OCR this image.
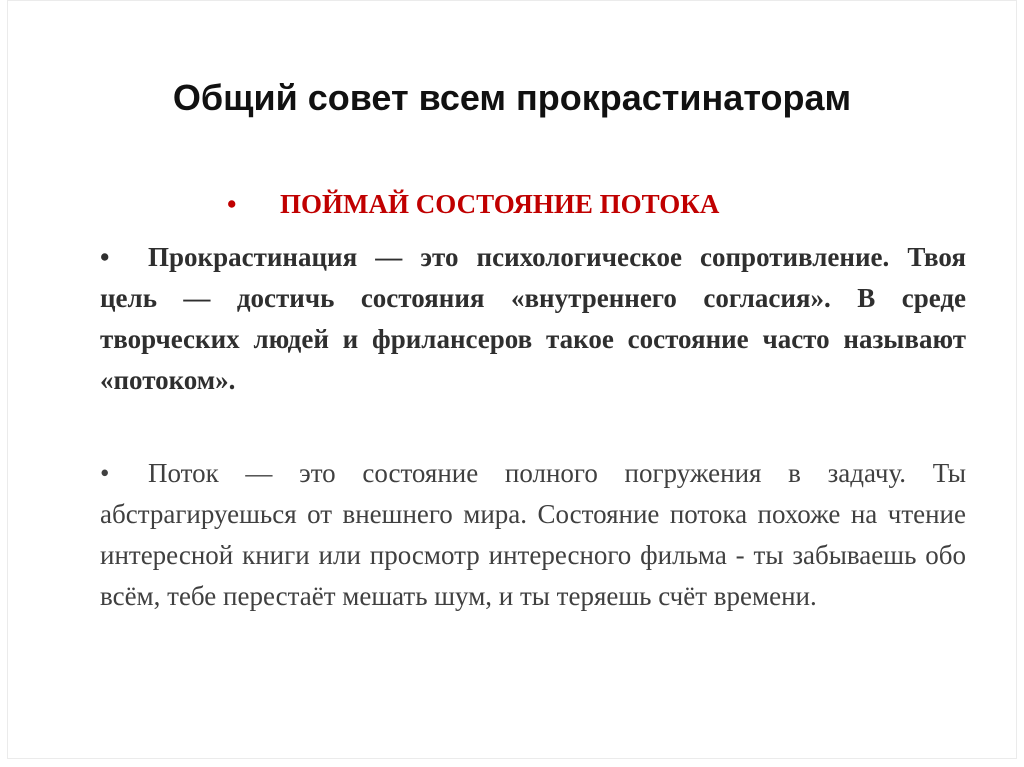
Общий совет всем прокрастинаторам
• ПОЙМАЙ СОСТОЯНИЕ ПОТОКА

• Прокрастинация — это психологическое сопротивление. Твоя цель — достичь состояния «внутреннего согласия». В среде творческих людей и фрилансеров такое состояние часто называют «потоком».

• Поток — это состояние полного погружения в задачу. Ты абстрагируешься от внешнего мира. Состояние потока похоже на чтение интересной книги или просмотр интересного фильма - ты забываешь обо всём, тебе перестаёт мешать шум, и ты теряешь счёт времени.
